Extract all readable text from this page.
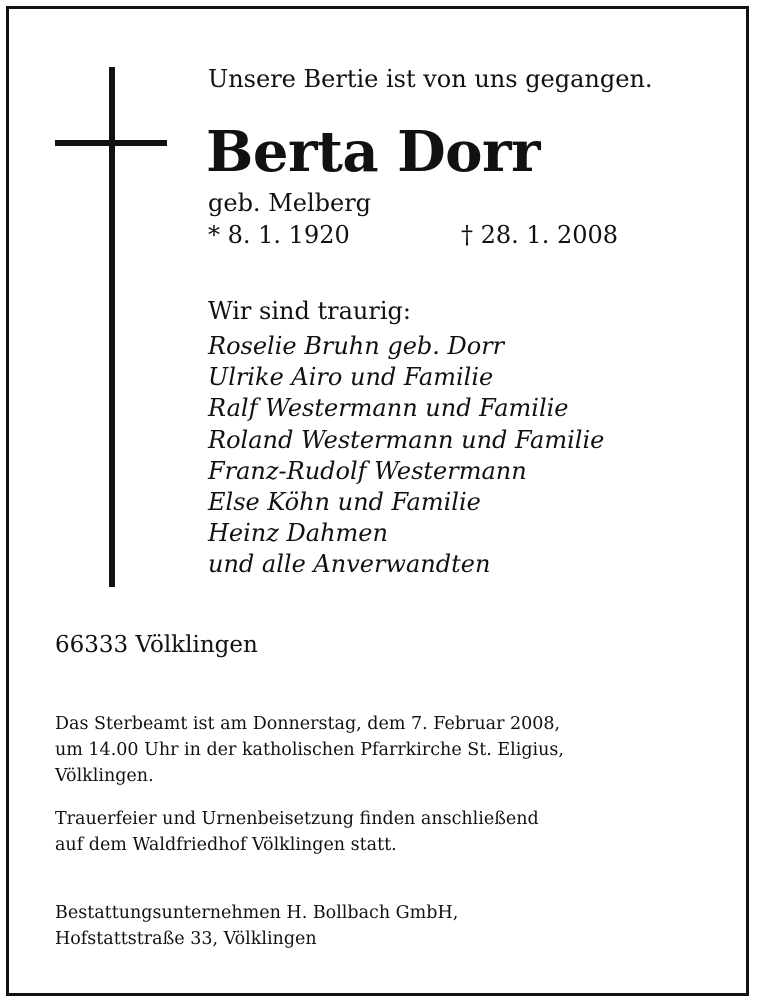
Unsere Bertie ist von uns gegangen.

Berta Dorr

geb. Melberg

* 8. 1. 1920	† 28. 1. 2008

Wir sind traurig:

Roselie Bruhn geb. Dorr
Ulrike Airo und Familie
Ralf Westermann und Familie
Roland Westermann und Familie
Franz-Rudolf Westermann
Else Köhn und Familie
Heinz Dahmen
und alle Anverwandten

66333 Völklingen

Das Sterbeamt ist am Donnerstag, dem 7. Februar 2008,
um 14.00 Uhr in der katholischen Pfarrkirche St. Eligius,
Völklingen.

Trauerfeier und Urnenbeisetzung finden anschließend
auf dem Waldfriedhof Völklingen statt.

Bestattungsunternehmen H. Bollbach GmbH,
Hofstattstraße 33, Völklingen
